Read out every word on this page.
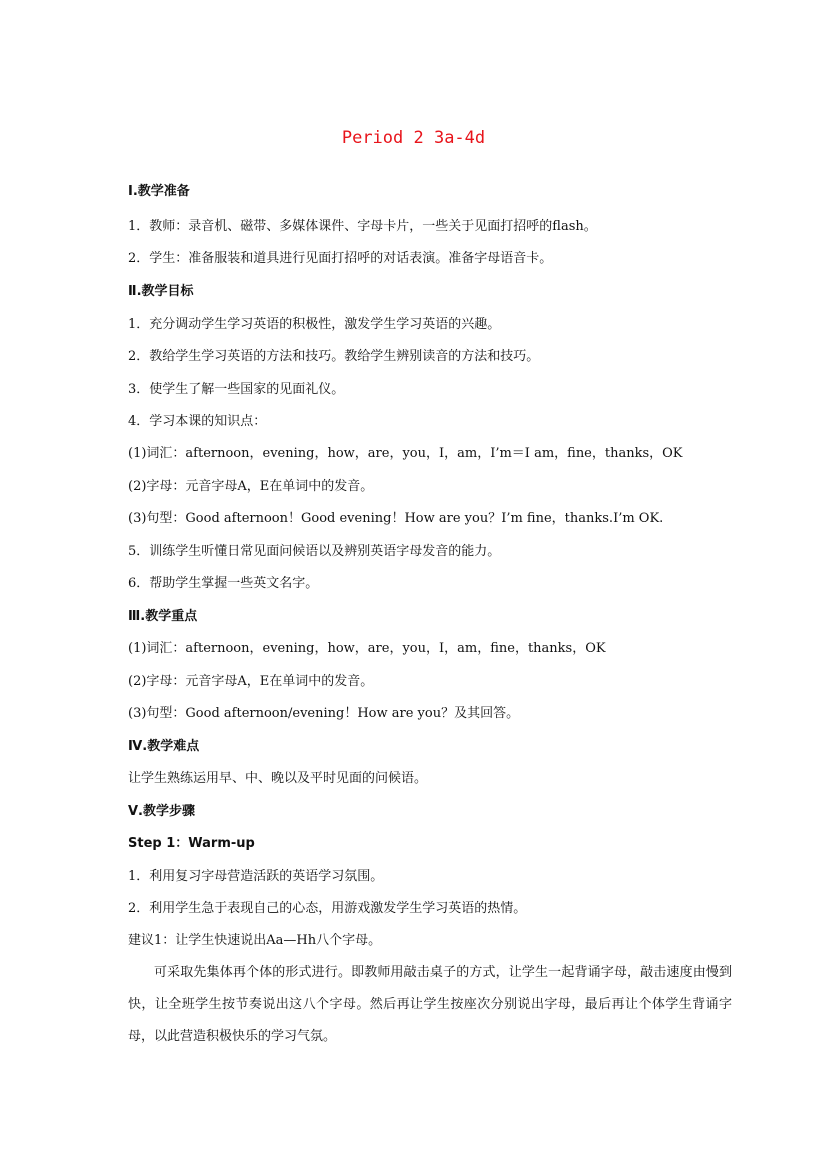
Period 2 3a-4d
Ⅰ.教学准备
1．教师：录音机、磁带、多媒体课件、字母卡片，一些关于见面打招呼的flash。
2．学生：准备服装和道具进行见面打招呼的对话表演。准备字母语音卡。
Ⅱ.教学目标
1．充分调动学生学习英语的积极性，激发学生学习英语的兴趣。
2．教给学生学习英语的方法和技巧。教给学生辨别读音的方法和技巧。
3．使学生了解一些国家的见面礼仪。
4．学习本课的知识点：
(1)词汇：afternoon，evening，how，are，you，I，am，I’m＝I am，fine，thanks，OK
(2)字母：元音字母A，E在单词中的发音。
(3)句型：Good afternoon！Good evening！How are you？I’m fine，thanks.I’m OK.
5．训练学生听懂日常见面问候语以及辨别英语字母发音的能力。
6．帮助学生掌握一些英文名字。
Ⅲ.教学重点
(1)词汇：afternoon，evening，how，are，you，I，am，fine，thanks，OK
(2)字母：元音字母A，E在单词中的发音。
(3)句型：Good afternoon/evening！How are you？及其回答。
Ⅳ.教学难点
让学生熟练运用早、中、晚以及平时见面的问候语。
Ⅴ.教学步骤
Step 1：Warm-up
1．利用复习字母营造活跃的英语学习氛围。
2．利用学生急于表现自己的心态，用游戏激发学生学习英语的热情。
建议1：让学生快速说出Aa—Hh八个字母。
可采取先集体再个体的形式进行。即教师用敲击桌子的方式，让学生一起背诵字母，敲击速度由慢到快，让全班学生按节奏说出这八个字母。然后再让学生按座次分别说出字母，最后再让个体学生背诵字母，以此营造积极快乐的学习气氛。
